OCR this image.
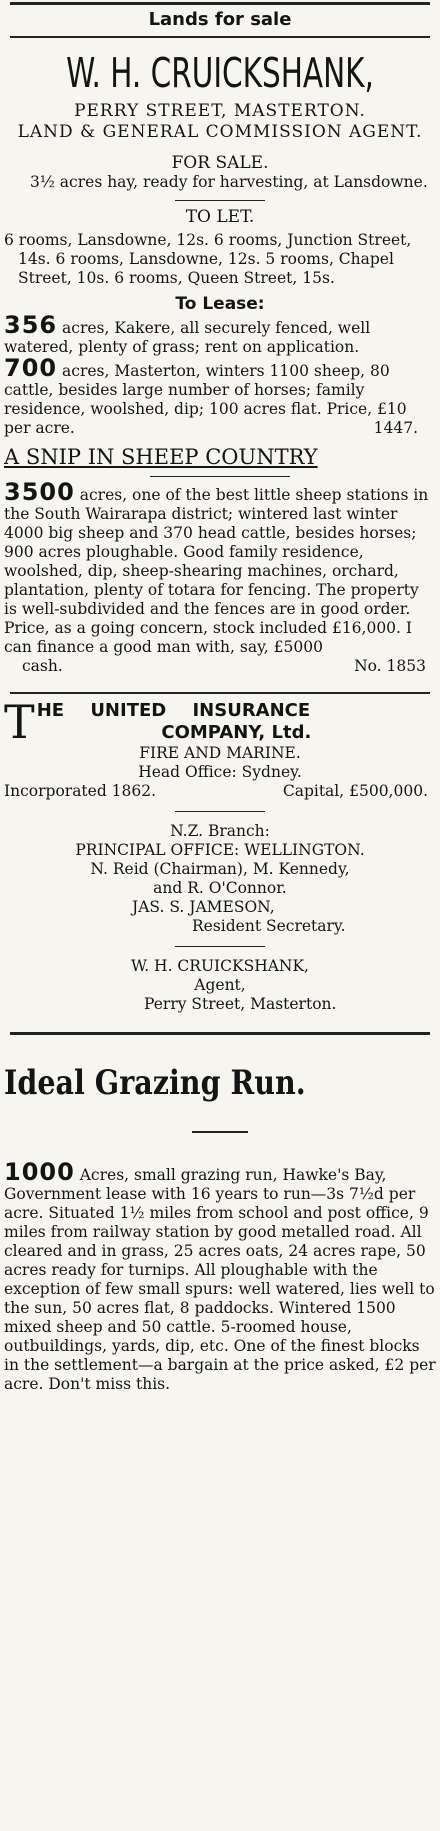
Lands for sale
W. H. CRUICKSHANK,
PERRY STREET, MASTERTON.
LAND & GENERAL COMMISSION AGENT.
FOR SALE.
3½ acres hay, ready for harvesting, at Lansdowne.
TO LET.
6 rooms, Lansdowne, 12s. 6 rooms, Junction Street, 14s. 6 rooms, Lansdowne, 12s. 5 rooms, Chapel Street, 10s. 6 rooms, Queen Street, 15s.
To Lease:
356 acres, Kakere, all securely fenced, well watered, plenty of grass; rent on application.
700 acres, Masterton, winters 1100 sheep, 80 cattle, besides large number of horses; family residence, woolshed, dip; 100 acres flat. Price, £10 per acre.	1447.
A SNIP IN SHEEP COUNTRY
3500 acres, one of the best little sheep stations in the South Wairarapa district; wintered last winter 4000 big sheep and 370 head cattle, besides horses; 900 acres ploughable. Good family residence, woolshed, dip, sheep-shearing machines, orchard, plantation, plenty of totara for fencing. The property is well-subdivided and the fences are in good order. Price, as a going concern, stock included £16,000. I can finance a good man with, say, £5000
cash.	No. 1853
T HE UNITED INSURANCE
COMPANY, Ltd.
FIRE AND MARINE.
Head Office: Sydney.
Incorporated 1862.	Capital, £500,000.
N.Z. Branch:
PRINCIPAL OFFICE: WELLINGTON.
N. Reid (Chairman), M. Kennedy,
and R. O'Connor.
JAS. S. JAMESON,
Resident Secretary.
W. H. CRUICKSHANK,
Agent,
Perry Street, Masterton.
Ideal Grazing Run.
1000 Acres, small grazing run, Hawke's Bay, Government lease with 16 years to run—3s 7½d per acre. Situated 1½ miles from school and post office, 9 miles from railway station by good metalled road. All cleared and in grass, 25 acres oats, 24 acres rape, 50 acres ready for turnips. All ploughable with the exception of few small spurs: well watered, lies well to the sun, 50 acres flat, 8 paddocks. Wintered 1500 mixed sheep and 50 cattle. 5-roomed house, outbuildings, yards, dip, etc. One of the finest blocks in the settlement—a bargain at the price asked, £2 per acre. Don't miss this.
